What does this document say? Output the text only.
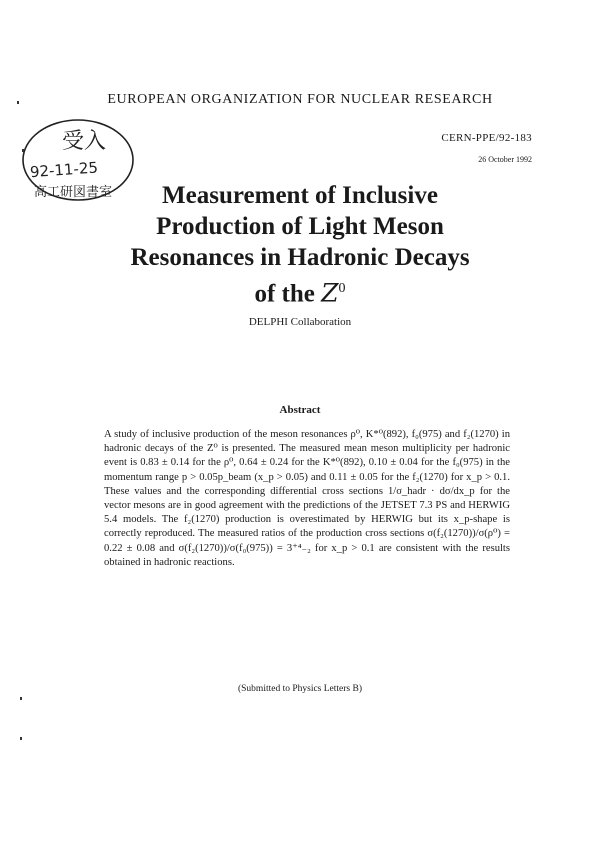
受入
92-11-25
高工研図書室
EUROPEAN ORGANIZATION FOR NUCLEAR RESEARCH
CERN-PPE/92-183
26 October 1992
Measurement of Inclusive
Production of Light Meson
Resonances in Hadronic Decays
of the $Z^0$
DELPHI Collaboration
Abstract
A study of inclusive production of the meson resonances ρ⁰, K*⁰(892), f₀(975) and f₂(1270) in hadronic decays of the Z⁰ is presented. The measured mean meson multiplicity per hadronic event is 0.83 ± 0.14 for the ρ⁰, 0.64 ± 0.24 for the K*⁰(892), 0.10 ± 0.04 for the f₀(975) in the momentum range p > 0.05p_beam (x_p > 0.05) and 0.11 ± 0.05 for the f₂(1270) for x_p > 0.1. These values and the corresponding differential cross sections 1/σ_hadr · dσ/dx_p for the vector mesons are in good agreement with the predictions of the JETSET 7.3 PS and HERWIG 5.4 models. The f₂(1270) production is overestimated by HERWIG but its x_p-shape is correctly reproduced. The measured ratios of the production cross sections σ(f₂(1270))/σ(ρ⁰) = 0.22 ± 0.08 and σ(f₂(1270))/σ(f₀(975)) = 3⁺⁴₋₂ for x_p > 0.1 are consistent with the results obtained in hadronic reactions.
(Submitted to Physics Letters B)
